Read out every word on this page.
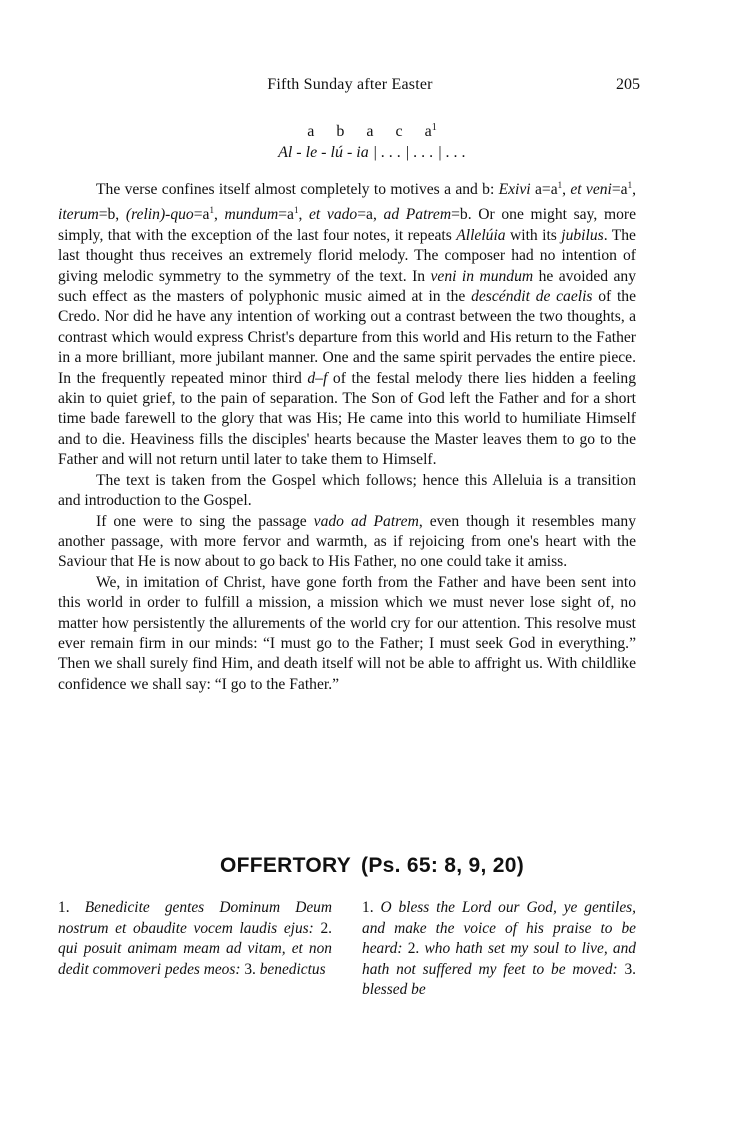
Fifth Sunday after Easter	205
a b a c $a^1$
Al - le - lú - ia | . . . | . . . | . . .

The verse confines itself almost completely to motives a and b: Exivi $a=a^1$, et $veni=a^1$, iterum=b, $(relin)-quo=a^1$, $mundum=a^1$, et vado=a, ad Patrem=b. Or one might say, more simply, that with the exception of the last four notes, it repeats Allelúia with its jubilus. The last thought thus receives an extremely florid melody. The composer had no intention of giving melodic symmetry to the symmetry of the text. In veni in mundum he avoided any such effect as the masters of polyphonic music aimed at in the descéndit de caelis of the Credo. Nor did he have any intention of working out a contrast between the two thoughts, a contrast which would express Christ's departure from this world and His return to the Father in a more brilliant, more jubilant manner. One and the same spirit pervades the entire piece. In the frequently repeated minor third d–f of the festal melody there lies hidden a feeling akin to quiet grief, to the pain of separation. The Son of God left the Father and for a short time bade farewell to the glory that was His; He came into this world to humiliate Himself and to die. Heaviness fills the disciples' hearts because the Master leaves them to go to the Father and will not return until later to take them to Himself.

The text is taken from the Gospel which follows; hence this Alleluia is a transition and introduction to the Gospel.

If one were to sing the passage vado ad Patrem, even though it resembles many another passage, with more fervor and warmth, as if rejoicing from one's heart with the Saviour that He is now about to go back to His Father, no one could take it amiss.

We, in imitation of Christ, have gone forth from the Father and have been sent into this world in order to fulfill a mission, a mission which we must never lose sight of, no matter how persistently the allurements of the world cry for our attention. This resolve must ever remain firm in our minds: “I must go to the Father; I must seek God in everything.” Then we shall surely find Him, and death itself will not be able to affright us. With childlike confidence we shall say: “I go to the Father.”

OFFERTORY (Ps. 65: 8, 9, 20)
1. Benedicite gentes Dominum Deum nostrum et obaudite vocem laudis ejus: 2. qui posuit animam meam ad vitam, et non dedit commoveri pedes meos: 3. benedictus
1. O bless the Lord our God, ye gentiles, and make the voice of his praise to be heard: 2. who hath set my soul to live, and hath not suffered my feet to be moved: 3. blessed be
